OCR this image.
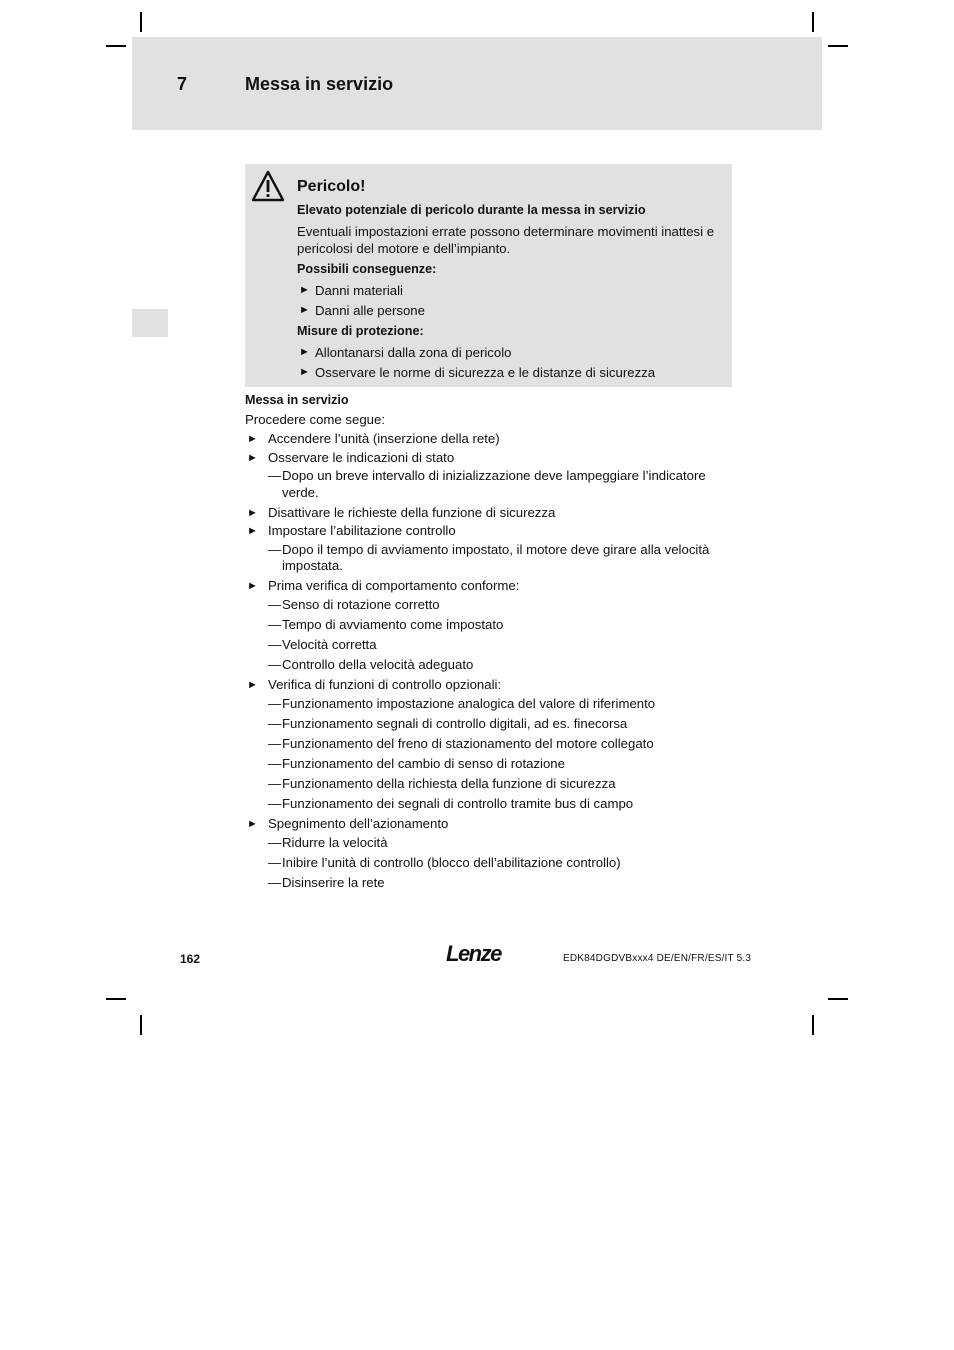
7	Messa in servizio
Pericolo!
Elevato potenziale di pericolo durante la messa in servizio
Eventuali impostazioni errate possono determinare movimenti inattesi e pericolosi del motore e dell’impianto.
Possibili conseguenze:
► Danni materiali
► Danni alle persone
Misure di protezione:
► Allontanarsi dalla zona di pericolo
► Osservare le norme di sicurezza e le distanze di sicurezza
Messa in servizio
Procedere come segue:
► Accendere l’unità (inserzione della rete)
► Osservare le indicazioni di stato
— Dopo un breve intervallo di inizializzazione deve lampeggiare l’indicatore verde.
► Disattivare le richieste della funzione di sicurezza
► Impostare l’abilitazione controllo
— Dopo il tempo di avviamento impostato, il motore deve girare alla velocità impostata.
► Prima verifica di comportamento conforme:
— Senso di rotazione corretto
— Tempo di avviamento come impostato
— Velocità corretta
— Controllo della velocità adeguato
► Verifica di funzioni di controllo opzionali:
— Funzionamento impostazione analogica del valore di riferimento
— Funzionamento segnali di controllo digitali, ad es. finecorsa
— Funzionamento del freno di stazionamento del motore collegato
— Funzionamento del cambio di senso di rotazione
— Funzionamento della richiesta della funzione di sicurezza
— Funzionamento dei segnali di controllo tramite bus di campo
► Spegnimento dell’azionamento
— Ridurre la velocità
— Inibire l’unità di controllo (blocco dell’abilitazione controllo)
— Disinserire la rete
162	Lenze	EDK84DGDVBxxx4 DE/EN/FR/ES/IT 5.3
